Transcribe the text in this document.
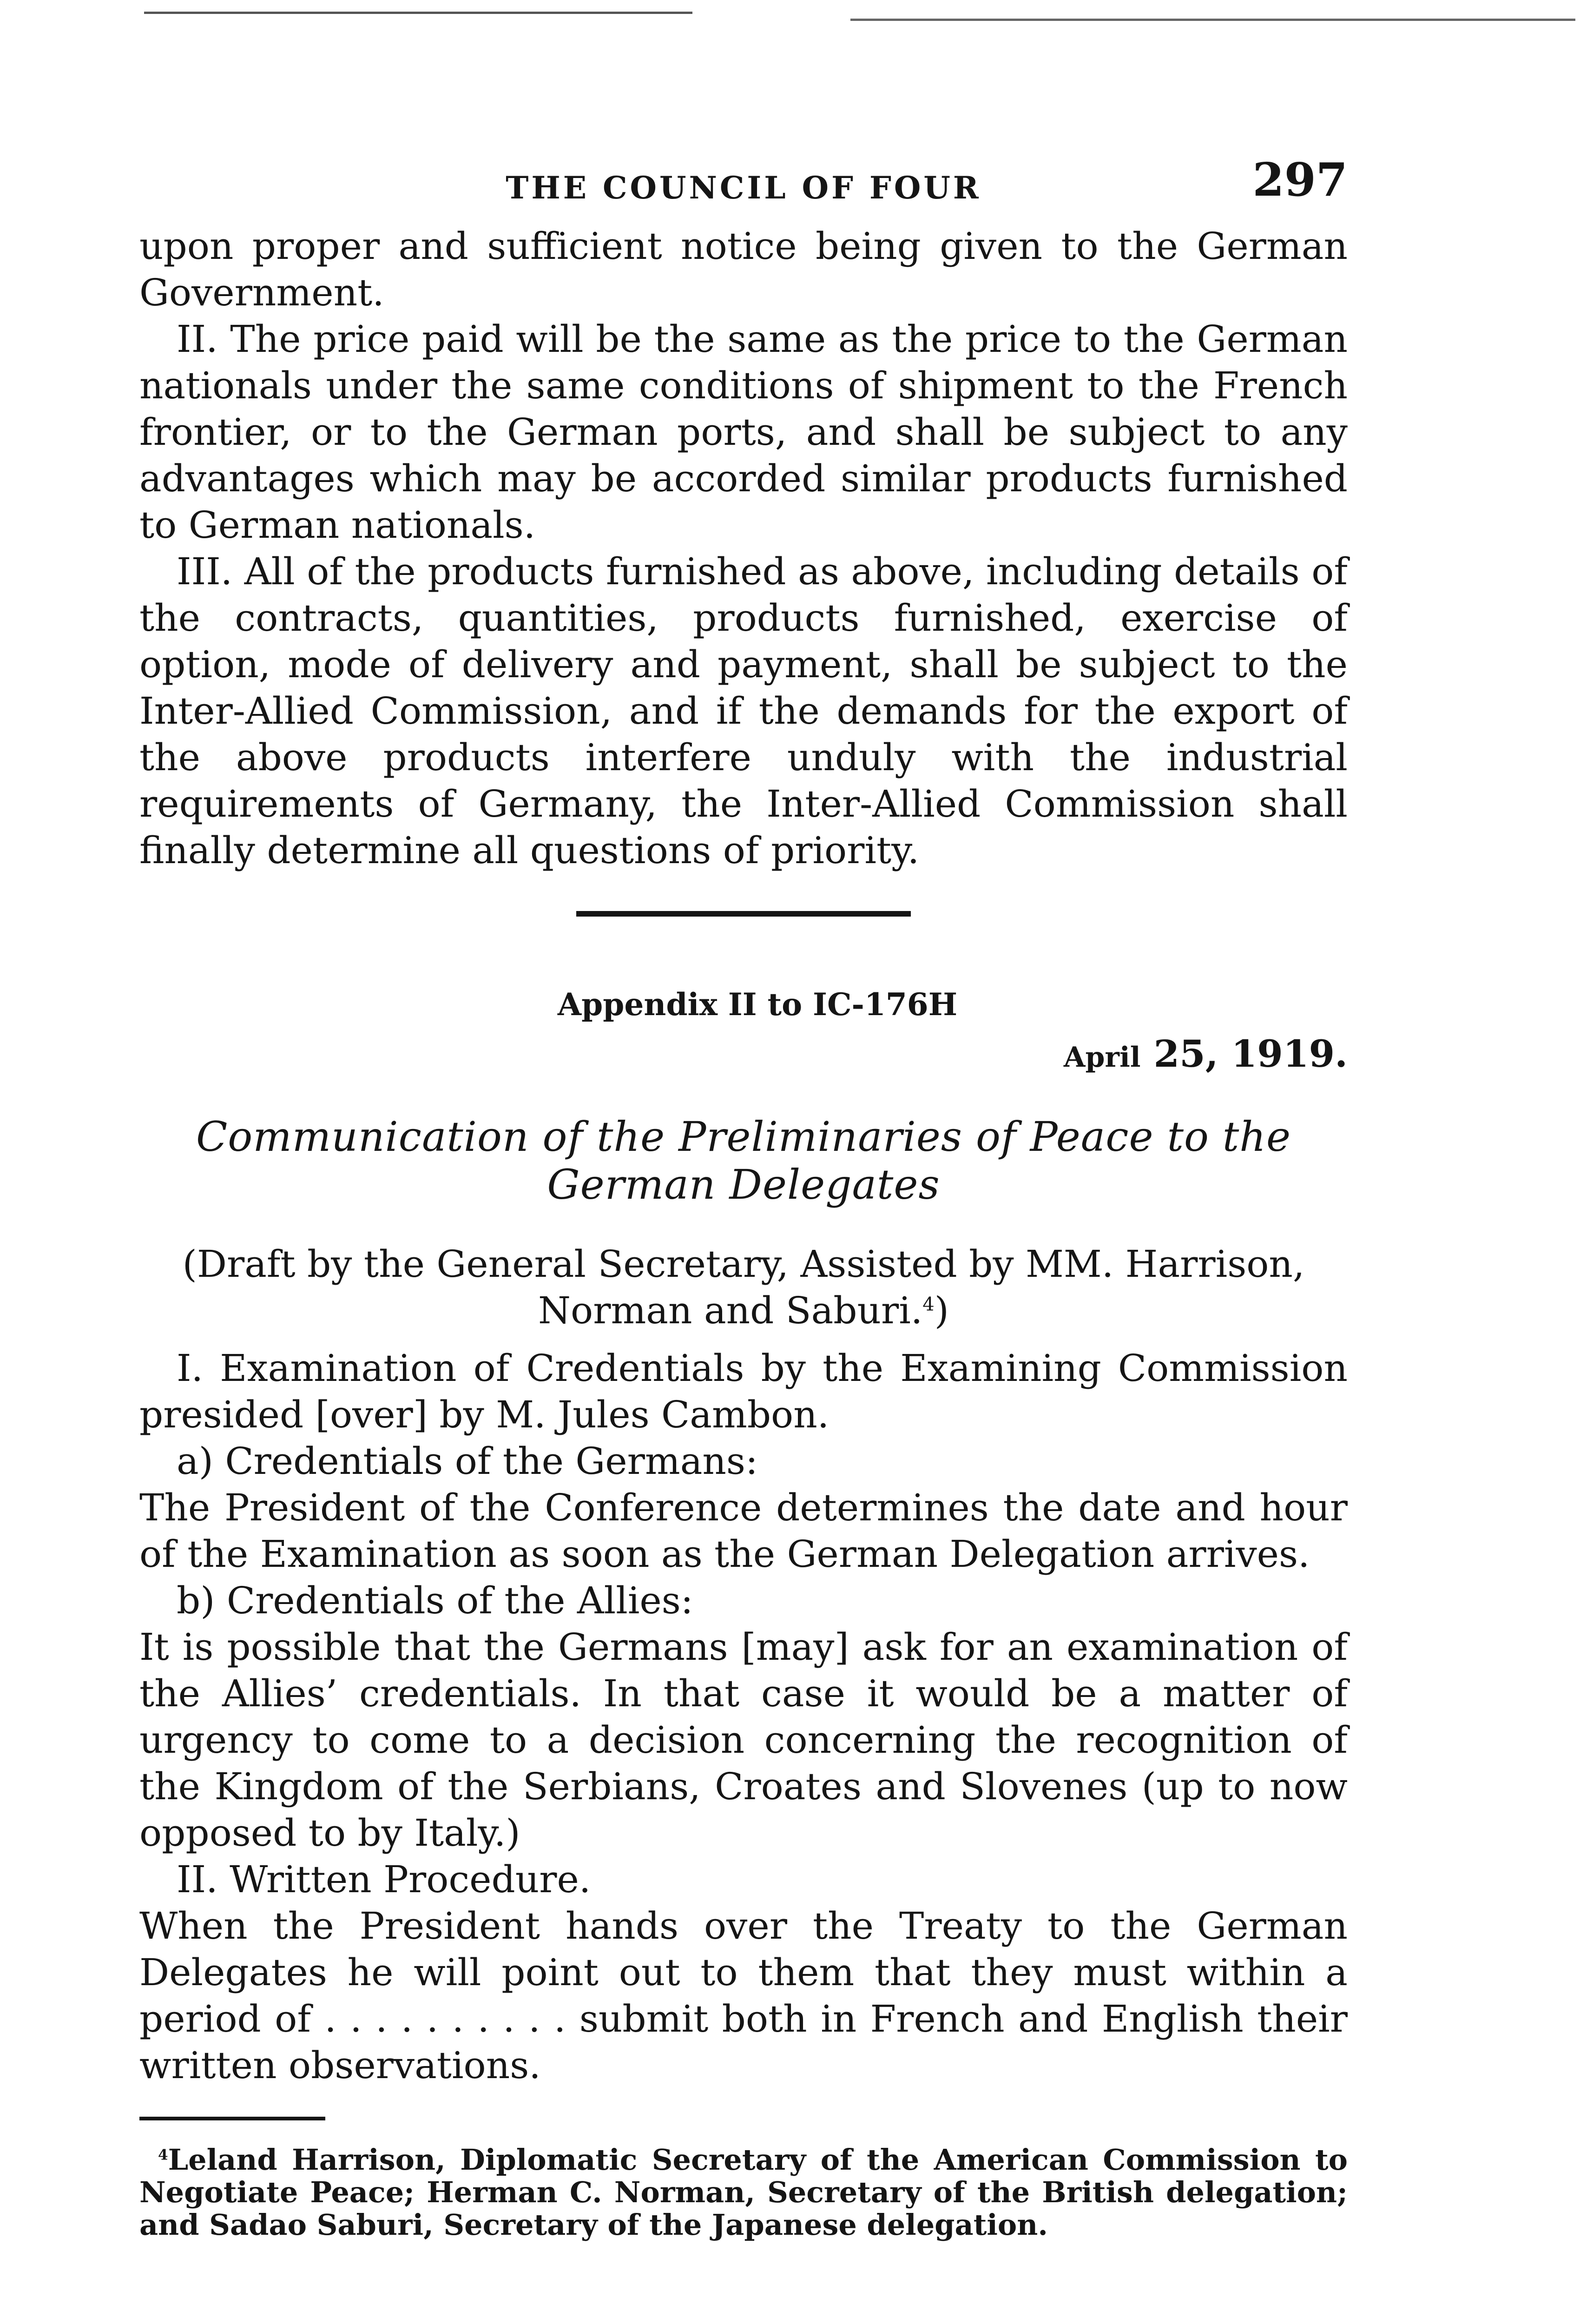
THE COUNCIL OF FOUR	297

upon proper and sufficient notice being given to the German Government.

II. The price paid will be the same as the price to the German nationals under the same conditions of shipment to the French frontier, or to the German ports, and shall be subject to any advantages which may be accorded similar products furnished to German nationals.

III. All of the products furnished as above, including details of the contracts, quantities, products furnished, exercise of option, mode of delivery and payment, shall be subject to the Inter-Allied Commission, and if the demands for the export of the above products interfere unduly with the industrial requirements of Germany, the Inter-Allied Commission shall finally determine all questions of priority.

Appendix II to IC-176H
April 25, 1919.
Communication of the Preliminaries of Peace to the German Delegates
(Draft by the General Secretary, Assisted by MM. Harrison, Norman and Saburi.$^4$)

I. Examination of Credentials by the Examining Commission presided [over] by M. Jules Cambon.

a) Credentials of the Germans:

The President of the Conference determines the date and hour of the Examination as soon as the German Delegation arrives.

b) Credentials of the Allies:

It is possible that the Germans [may] ask for an examination of the Allies’ credentials. In that case it would be a matter of urgency to come to a decision concerning the recognition of the Kingdom of the Serbians, Croates and Slovenes (up to now opposed to by Italy.)

II. Written Procedure.

When the President hands over the Treaty to the German Delegates he will point out to them that they must within a period of . . . . . . . . . . submit both in French and English their written observations.

$^4$Leland Harrison, Diplomatic Secretary of the American Commission to Negotiate Peace; Herman C. Norman, Secretary of the British delegation; and Sadao Saburi, Secretary of the Japanese delegation.
